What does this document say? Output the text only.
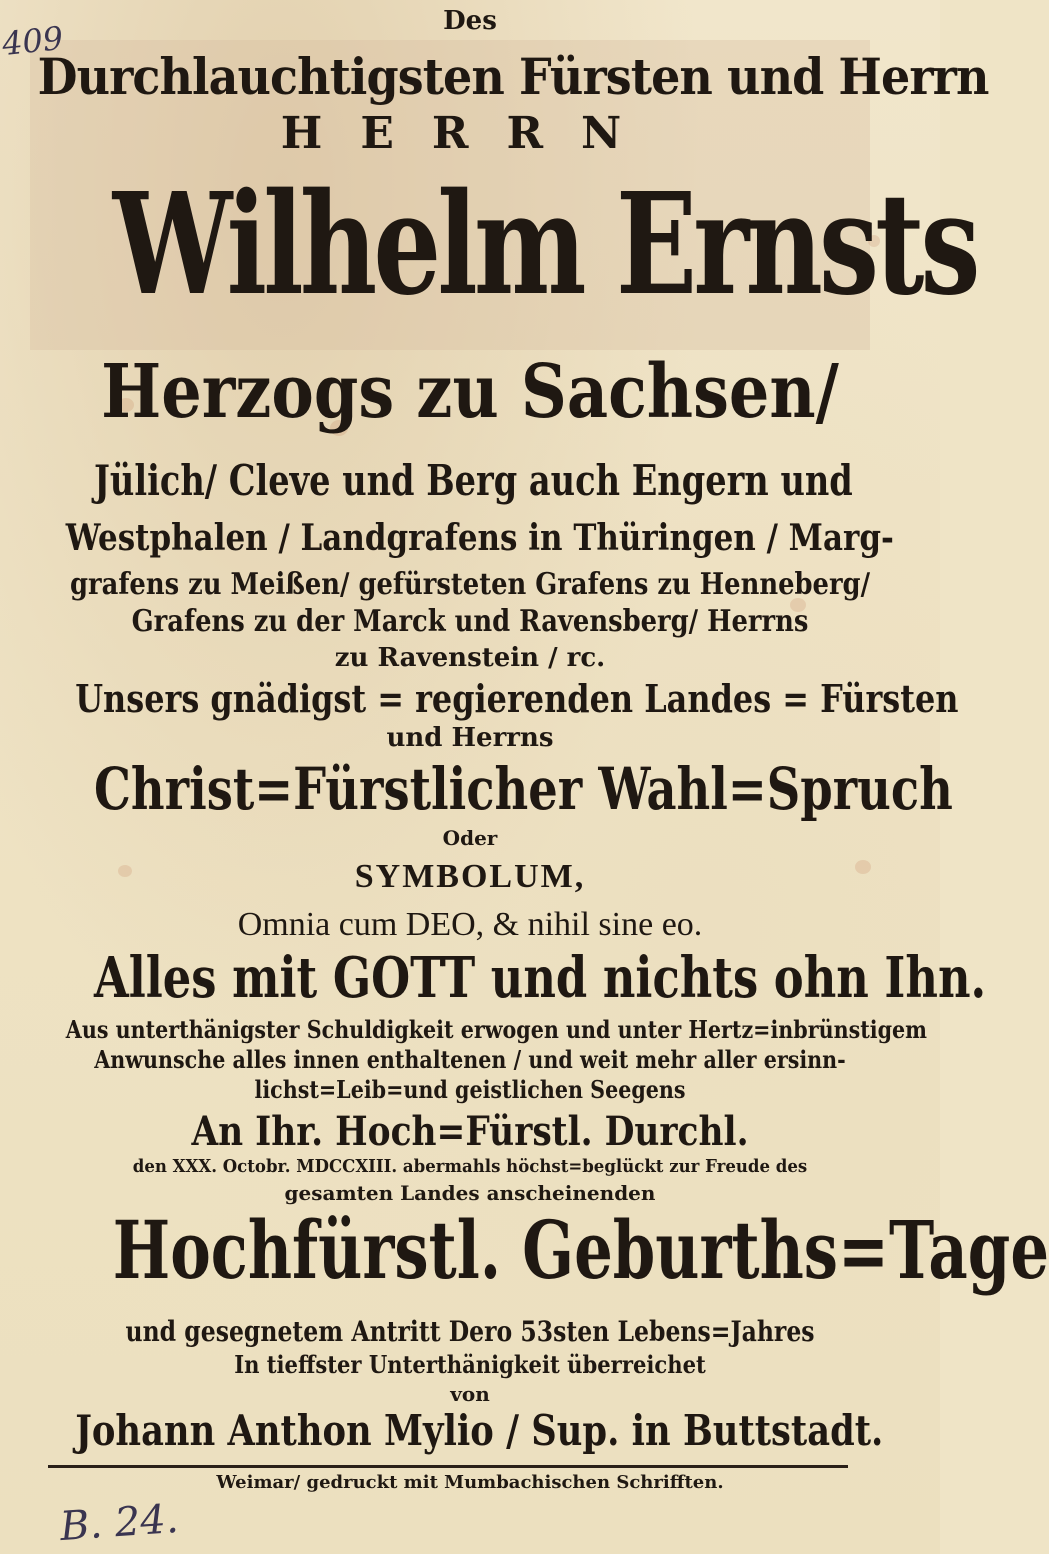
409	Des
Durchlauchtigsten Fürsten und Herrn
HERRN
Wilhelm Ernsts
Herzogs zu Sachsen/
Jülich/ Cleve und Berg auch Engern und
Westphalen / Landgrafens in Thüringen / Marg-
grafens zu Meißen/ gefürsteten Grafens zu Henneberg/
Grafens zu der Marck und Ravensberg/ Herrns
zu Ravenstein / rc.
Unsers gnädigst = regierenden Landes = Fürsten
und Herrns
Christ=Fürstlicher Wahl=Spruch
Oder
SYMBOLUM,
Omnia cum DEO, & nihil sine eo.
Alles mit GOTT und nichts ohn Ihn.
Aus unterthänigster Schuldigkeit erwogen und unter Hertz=inbrünstigem
Anwunsche alles innen enthaltenen / und weit mehr aller ersinn-
lichst=Leib=und geistlichen Seegens
An Ihr. Hoch=Fürstl. Durchl.
den XXX. Octobr. MDCCXIII. abermahls höchst=beglückt zur Freude des
gesamten Landes anscheinenden
Hochfürstl. Geburths=Tage
und gesegnetem Antritt Dero 53sten Lebens=Jahres
In tieffster Unterthänigkeit überreichet
von
Johann Anthon Mylio / Sup. in Buttstadt.
Weimar/ gedruckt mit Mumbachischen Schrifften.
B. 24.
